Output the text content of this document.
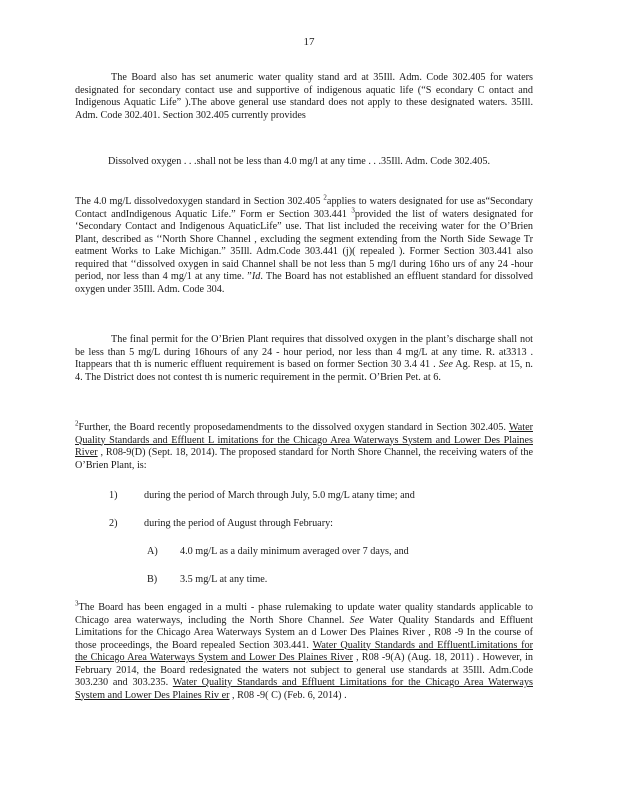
17

The Board also has set anumeric water quality stand ard at 35Ill. Adm. Code 302.405 for waters designated for secondary contact use and supportive of indigenous aquatic life (“S econdary C ontact and Indigenous Aquatic Life” ).The above general use standard does not apply to these designated waters. 35Ill. Adm. Code 302.401. Section 302.405 currently provides

Dissolved oxygen . . .shall not be less than 4.0 mg/l at any time . . .35Ill. Adm. Code 302.405.

The 4.0 mg/L dissolvedoxygen standard in Section 302.405 $^2$applies to waters designated for use as“Secondary Contact andIndigenous Aquatic Life.” Form er Section 303.441 $^3$provided the list of waters designated for ‘Secondary Contact and Indigenous AquaticLife” use. That list included the receiving water for the O’Brien Plant, described as ‘‘North Shore Channel , excluding the segment extending from the North Side Sewage Tr eatment Works to Lake Michigan.” 35Ill. Adm.Code 303.441 (j)( repealed ). Former Section 303.441 also required that ‘‘dissolved oxygen in said Channel shall be not less than 5 mg/l during 16ho urs of any 24 -hour period, nor less than 4 mg/1 at any time. ”Id. The Board has not established an effluent standard for dissolved oxygen under 35Ill. Adm. Code 304.

The final permit for the O’Brien Plant requires that dissolved oxygen in the plant’s discharge shall not be less than 5 mg/L during 16hours of any 24 - hour period, nor less than 4 mg/L at any time. R. at3313 . Itappears that th is numeric effluent requirement is based on former Section 30 3.4 41 . See Ag. Resp. at 15, n. 4. The District does not contest th is numeric requirement in the permit. O’Brien Pet. at 6.

$^2$Further, the Board recently proposedamendments to the dissolved oxygen standard in Section 302.405. Water Quality Standards and Effluent L imitations for the Chicago Area Waterways System and Lower Des Plaines River , R08-9(D) (Sept. 18, 2014). The proposed standard for North Shore Channel, the receiving waters of the O’Brien Plant, is:

1)	during the period of March through July, 5.0 mg/L atany time; and
2)	during the period of August through February:
A) 4.0 mg/L as a daily minimum averaged over 7 days, and
B) 3.5 mg/L at any time.

$^3$The Board has been engaged in a multi - phase rulemaking to update water quality standards applicable to Chicago area waterways, including the North Shore Channel. See Water Quality Standards and Effluent Limitations for the Chicago Area Waterways System an d Lower Des Plaines River , R08 -9 In the course of those proceedings, the Board repealed Section 303.441. Water Quality Standards and EffluentLimitations for the Chicago Area Waterways System and Lower Des Plaines River , R08 -9(A) (Aug. 18, 2011) . However, in February 2014, the Board redesignated the waters not subject to general use standards at 35Ill. Adm.Code 303.230 and 303.235. Water Quality Standards and Effluent Limitations for the Chicago Area Waterways System and Lower Des Plaines Riv er , R08 -9( C) (Feb. 6, 2014) .
